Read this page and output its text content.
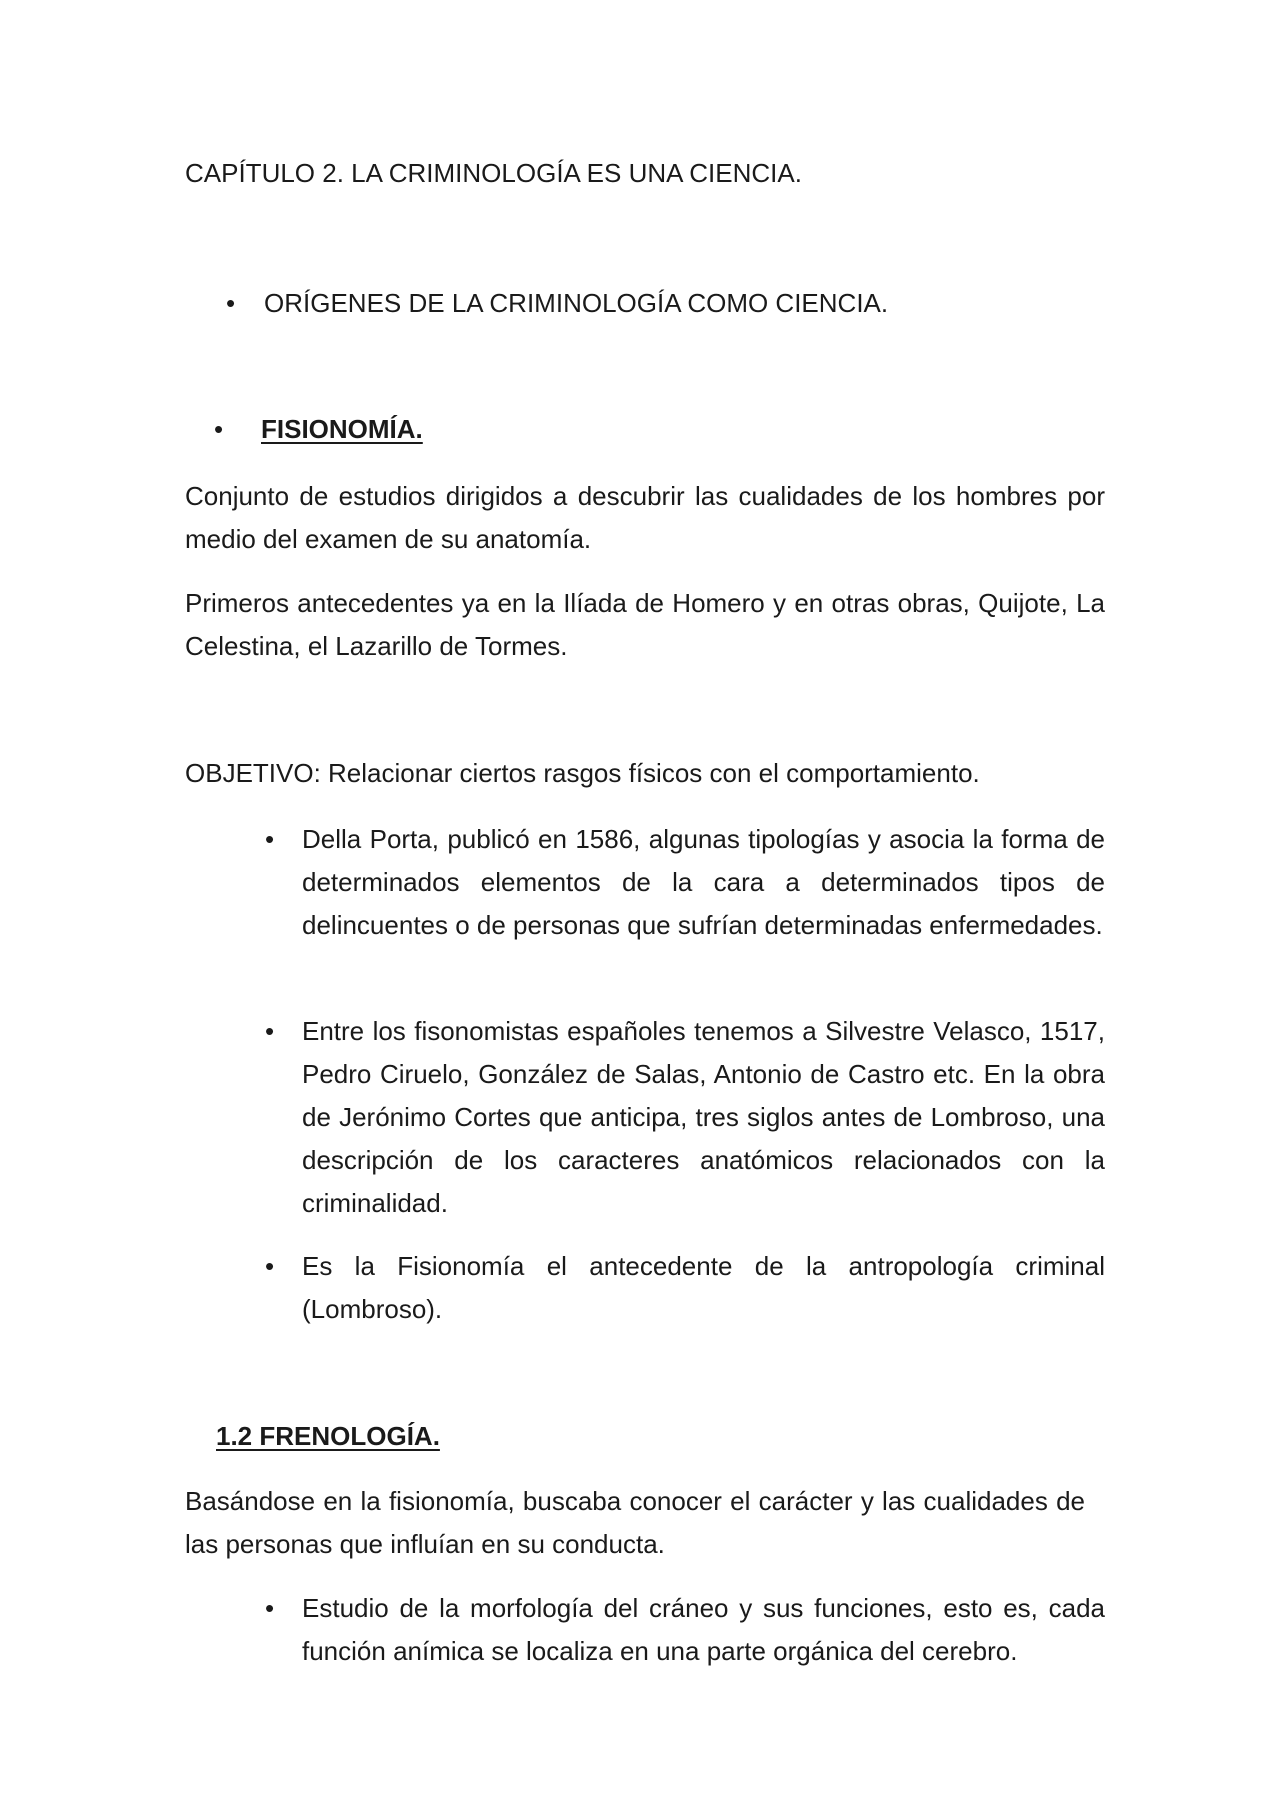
CAPÍTULO 2. LA CRIMINOLOGÍA ES UNA CIENCIA.
• ORÍGENES DE LA CRIMINOLOGÍA COMO CIENCIA.
• FISIONOMÍA.
Conjunto de estudios dirigidos a descubrir las cualidades de los hombres por medio del examen de su anatomía.
Primeros antecedentes ya en la Ilíada de Homero y en otras obras, Quijote, La Celestina, el Lazarillo de Tormes.
OBJETIVO: Relacionar ciertos rasgos físicos con el comportamiento.
• Della Porta, publicó en 1586, algunas tipologías y asocia la forma de determinados elementos de la cara a determinados tipos de delincuentes o de personas que sufrían determinadas enfermedades.
• Entre los fisonomistas españoles tenemos a Silvestre Velasco, 1517, Pedro Ciruelo, González de Salas, Antonio de Castro etc. En la obra de Jerónimo Cortes que anticipa, tres siglos antes de Lombroso, una descripción de los caracteres anatómicos relacionados con la criminalidad.
• Es la Fisionomía el antecedente de la antropología criminal (Lombroso).
1.2 FRENOLOGÍA.
Basándose en la fisionomía, buscaba conocer el carácter y las cualidades de las personas que influían en su conducta.
• Estudio de la morfología del cráneo y sus funciones, esto es, cada función anímica se localiza en una parte orgánica del cerebro.
